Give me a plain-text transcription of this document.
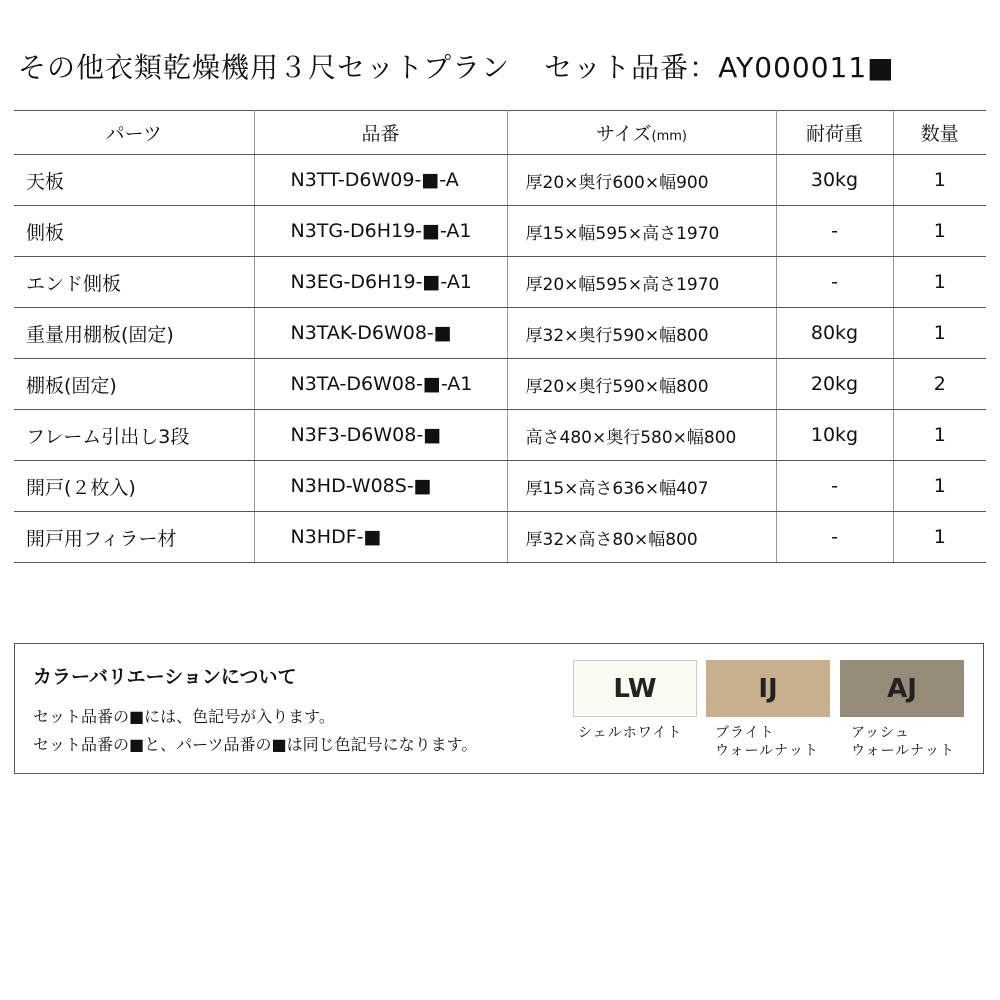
その他衣類乾燥機用３尺セットプラン セット品番：AY000011■
パーツ	品番	サイズ(mm)	耐荷重	数量
天板	N3TT-D6W09-■-A	厚20×奥行600×幅900	30kg	1
側板	N3TG-D6H19-■-A1	厚15×幅595×高さ1970	-	1
エンド側板	N3EG-D6H19-■-A1	厚20×幅595×高さ1970	-	1
重量用棚板(固定)	N3TAK-D6W08-■	厚32×奥行590×幅800	80kg	1
棚板(固定)	N3TA-D6W08-■-A1	厚20×奥行590×幅800	20kg	2
フレーム引出し3段	N3F3-D6W08-■	高さ480×奥行580×幅800	10kg	1
開戸(２枚入)	N3HD-W08S-■	厚15×高さ636×幅407	-	1
開戸用フィラー材	N3HDF-■	厚32×高さ80×幅800	-	1
カラーバリエーションについて
セット品番の■には、色記号が入ります。
セット品番の■と、パーツ品番の■は同じ色記号になります。
LW
シェルホワイト
IJ
ブライト
ウォールナット
AJ
アッシュ
ウォールナット
